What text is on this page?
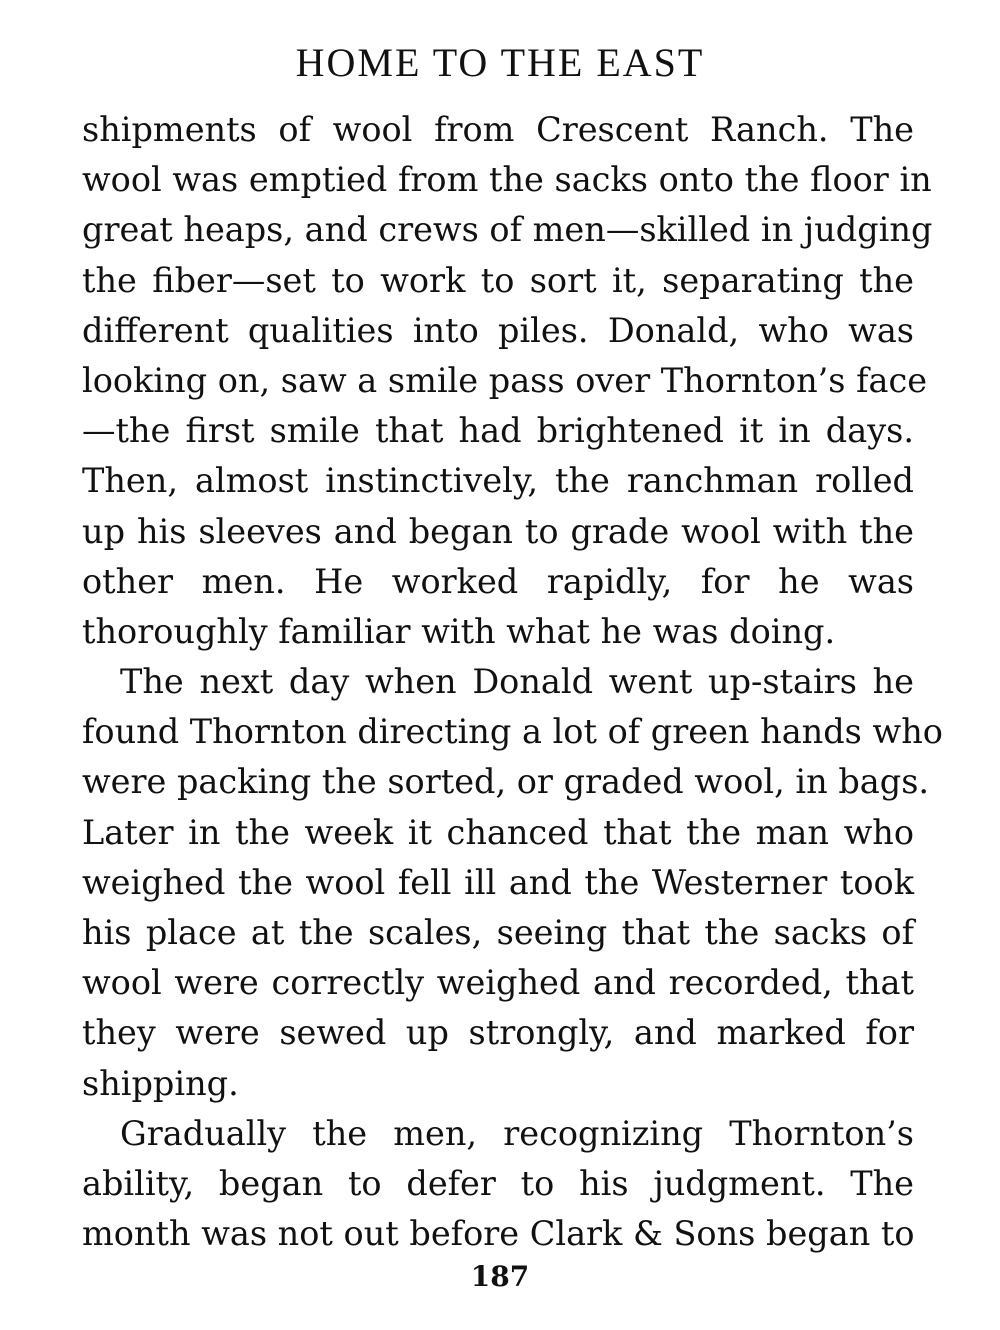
HOME TO THE EAST
shipments of wool from Crescent Ranch. The
wool was emptied from the sacks onto the floor in
great heaps, and crews of men—skilled in judging
the fiber—set to work to sort it, separating the
different qualities into piles. Donald, who was
looking on, saw a smile pass over Thornton’s face
—the first smile that had brightened it in days.
Then, almost instinctively, the ranchman rolled
up his sleeves and began to grade wool with the
other men. He worked rapidly, for he was
thoroughly familiar with what he was doing.
The next day when Donald went up-stairs he
found Thornton directing a lot of green hands who
were packing the sorted, or graded wool, in bags.
Later in the week it chanced that the man who
weighed the wool fell ill and the Westerner took
his place at the scales, seeing that the sacks of
wool were correctly weighed and recorded, that
they were sewed up strongly, and marked for
shipping.
Gradually the men, recognizing Thornton’s
ability, began to defer to his judgment. The
month was not out before Clark & Sons began to
187
